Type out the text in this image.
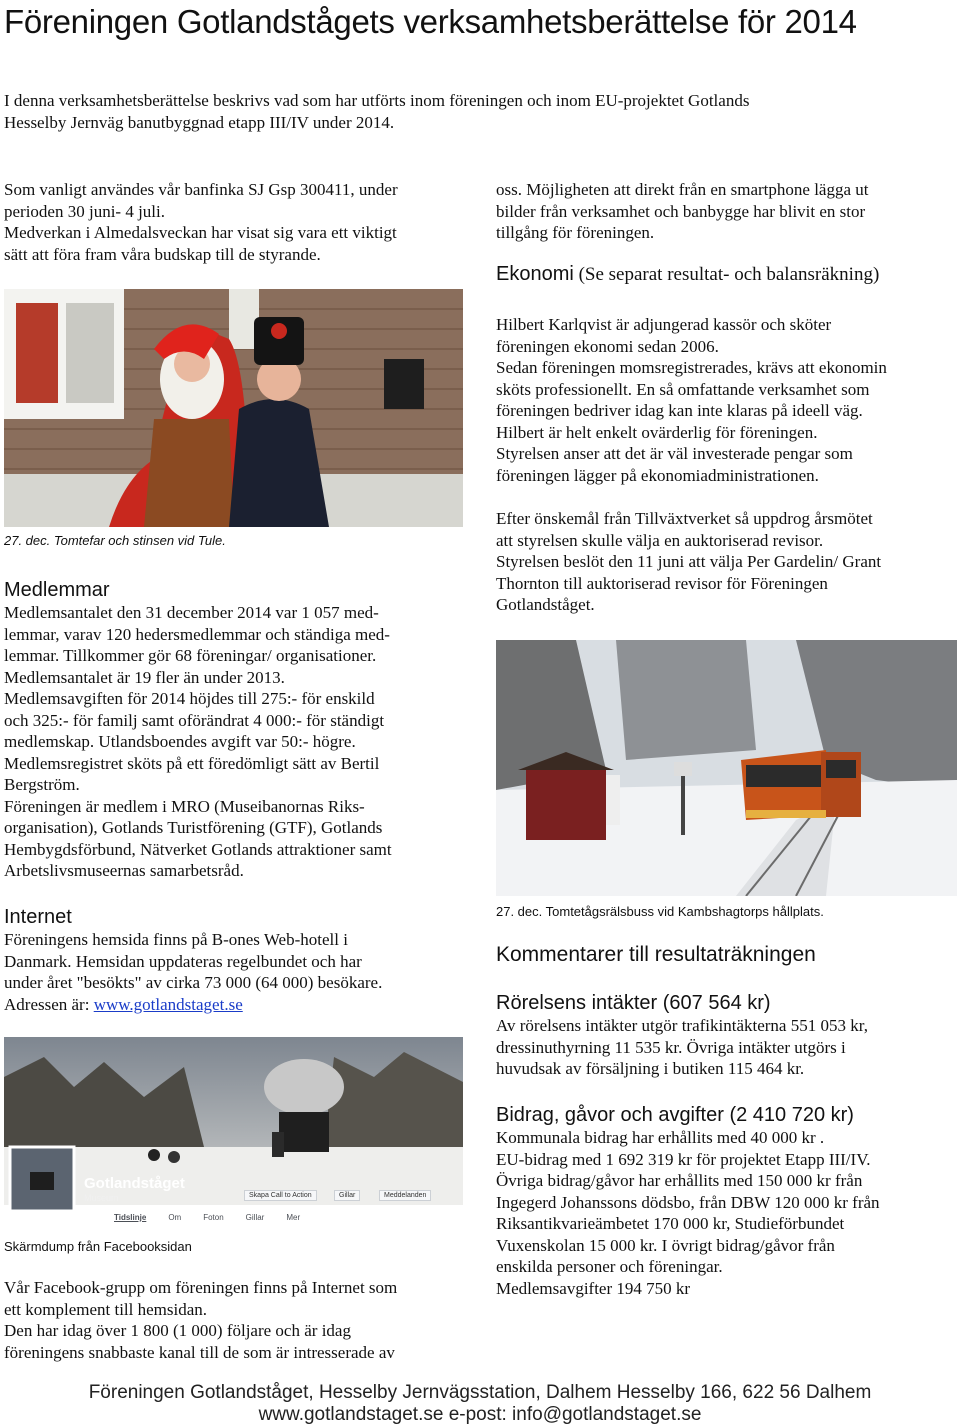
Föreningen Gotlandstågets verksamhetsberättelse för 2014
I denna verksamhetsberättelse beskrivs vad som har utförts inom föreningen och inom EU-projektet Gotlands
Hesselby Jernväg banutbyggnad etapp III/IV under 2014.
Som vanligt användes vår banfinka SJ Gsp 300411, under
perioden 30 juni- 4 juli.
Medverkan i Almedalsveckan har visat sig vara ett viktigt
sätt att föra fram våra budskap till de styrande.
oss. Möjligheten att direkt från en smartphone lägga ut
bilder från verksamhet och banbygge har blivit en stor
tillgång för föreningen.
27. dec. Tomtefar och stinsen vid Tule.
Medlemmar
Medlemsantalet den 31 december 2014 var 1 057 med-
lemmar, varav 120 hedersmedlemmar och ständiga med-
lemmar. Tillkommer gör 68 föreningar/ organisationer.
Medlemsantalet är 19 fler än under 2013.
Medlemsavgiften för 2014 höjdes till 275:- för enskild
och 325:- för familj samt oförändrat 4 000:- för ständigt
medlemskap. Utlandsboendes avgift var 50:- högre.
Medlemsregistret sköts på ett föredömligt sätt av Bertil
Bergström.
Föreningen är medlem i MRO (Museibanornas Riks-
organisation), Gotlands Turistförening (GTF), Gotlands
Hembygdsförbund, Nätverket Gotlands attraktioner samt
Arbetslivsmuseernas samarbetsråd.
Internet
Föreningens hemsida finns på B-ones Web-hotell i
Danmark. Hemsidan uppdateras regelbundet och har
under året "besökts" av cirka 73 000 (64 000) besökare.
Adressen är: www.gotlandstaget.se
Gotlandståget
Museum	Skapa Call to Action	Gillar	Meddelanden
Tidslinje	Om	Foton	Gillar	Mer
Skärmdump från Facebooksidan
Vår Facebook-grupp om föreningen finns på Internet som
ett komplement till hemsidan.
Den har idag över 1 800 (1 000) följare och är idag
föreningens snabbaste kanal till de som är intresserade av
Ekonomi (Se separat resultat- och balansräkning)
Hilbert Karlqvist är adjungerad kassör och sköter
föreningen ekonomi sedan 2006.
Sedan föreningen momsregistrerades, krävs att ekonomin
sköts professionellt. En så omfattande verksamhet som
föreningen bedriver idag kan inte klaras på ideell väg.
Hilbert är helt enkelt ovärderlig för föreningen.
Styrelsen anser att det är väl investerade pengar som
föreningen lägger på ekonomiadministrationen.
Efter önskemål från Tillväxtverket så uppdrog årsmötet
att styrelsen skulle välja en auktoriserad revisor.
Styrelsen beslöt den 11 juni att välja Per Gardelin/ Grant
Thornton till auktoriserad revisor för Föreningen
Gotlandståget.
27. dec. Tomtetågsrälsbuss vid Kambshagtorps hållplats.
Kommentarer till resultaträkningen
Rörelsens intäkter (607 564 kr)
Av rörelsens intäkter utgör trafikintäkterna 551 053 kr,
dressinuthyrning 11 535 kr. Övriga intäkter utgörs i
huvudsak av försäljning i butiken 115 464 kr.
Bidrag, gåvor och avgifter (2 410 720 kr)
Kommunala bidrag har erhållits med 40 000 kr .
EU-bidrag med 1 692 319 kr för projektet Etapp III/IV.
Övriga bidrag/gåvor har erhållits med 150 000 kr från
Ingegerd Johanssons dödsbo, från DBW 120 000 kr från
Riksantikvarieämbetet 170 000 kr, Studieförbundet
Vuxenskolan 15 000 kr. I övrigt bidrag/gåvor från
enskilda personer och föreningar.
Medlemsavgifter 194 750 kr
Föreningen Gotlandståget, Hesselby Jernvägsstation, Dalhem Hesselby 166, 622 56 Dalhem
www.gotlandstaget.se e-post: info@gotlandstaget.se
